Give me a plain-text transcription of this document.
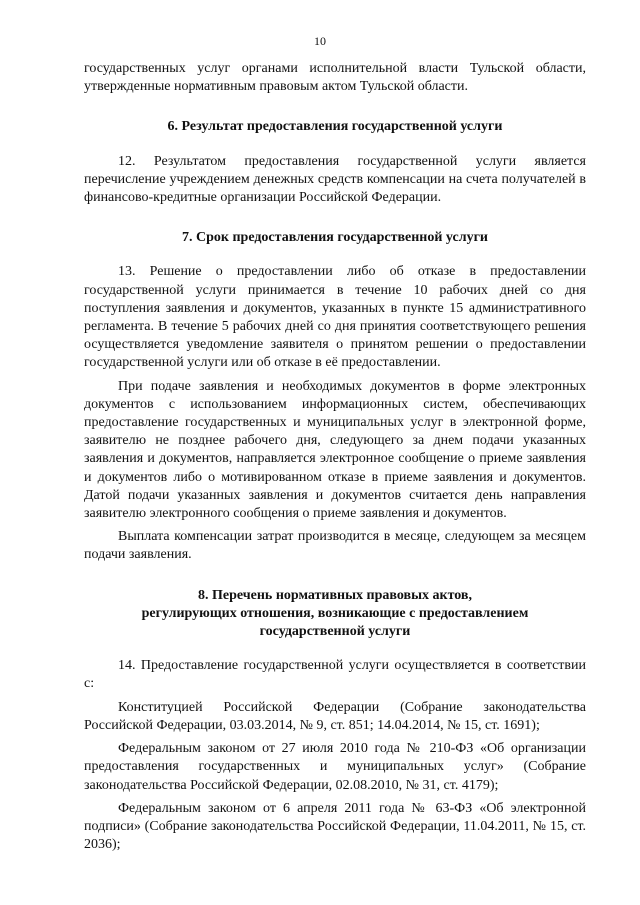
10

государственных услуг органами исполнительной власти Тульской области, утвержденные нормативным правовым актом Тульской области.

6. Результат предоставления государственной услуги

12. Результатом предоставления государственной услуги является перечисление учреждением денежных средств компенсации на счета получателей в финансово-кредитные организации Российской Федерации.

7. Срок предоставления государственной услуги

13. Решение о предоставлении либо об отказе в предоставлении государственной услуги принимается в течение 10 рабочих дней со дня поступления заявления и документов, указанных в пункте 15 административного регламента. В течение 5 рабочих дней со дня принятия соответствующего решения осуществляется уведомление заявителя о принятом решении о предоставлении государственной услуги или об отказе в её предоставлении.

При подаче заявления и необходимых документов в форме электронных документов с использованием информационных систем, обеспечивающих предоставление государственных и муниципальных услуг в электронной форме, заявителю не позднее рабочего дня, следующего за днем подачи указанных заявления и документов, направляется электронное сообщение о приеме заявления и документов либо о мотивированном отказе в приеме заявления и документов. Датой подачи указанных заявления и документов считается день направления заявителю электронного сообщения о приеме заявления и документов.

Выплата компенсации затрат производится в месяце, следующем за месяцем подачи заявления.

8. Перечень нормативных правовых актов,
регулирующих отношения, возникающие с предоставлением
государственной услуги

14. Предоставление государственной услуги осуществляется в соответствии с:

Конституцией Российской Федерации (Собрание законодательства Российской Федерации, 03.03.2014, № 9, ст. 851; 14.04.2014, № 15, ст. 1691);

Федеральным законом от 27 июля 2010 года № 210-ФЗ «Об организации предоставления государственных и муниципальных услуг» (Собрание законодательства Российской Федерации, 02.08.2010, № 31, ст. 4179);

Федеральным законом от 6 апреля 2011 года № 63-ФЗ «Об электронной подписи» (Собрание законодательства Российской Федерации, 11.04.2011, № 15, ст. 2036);
